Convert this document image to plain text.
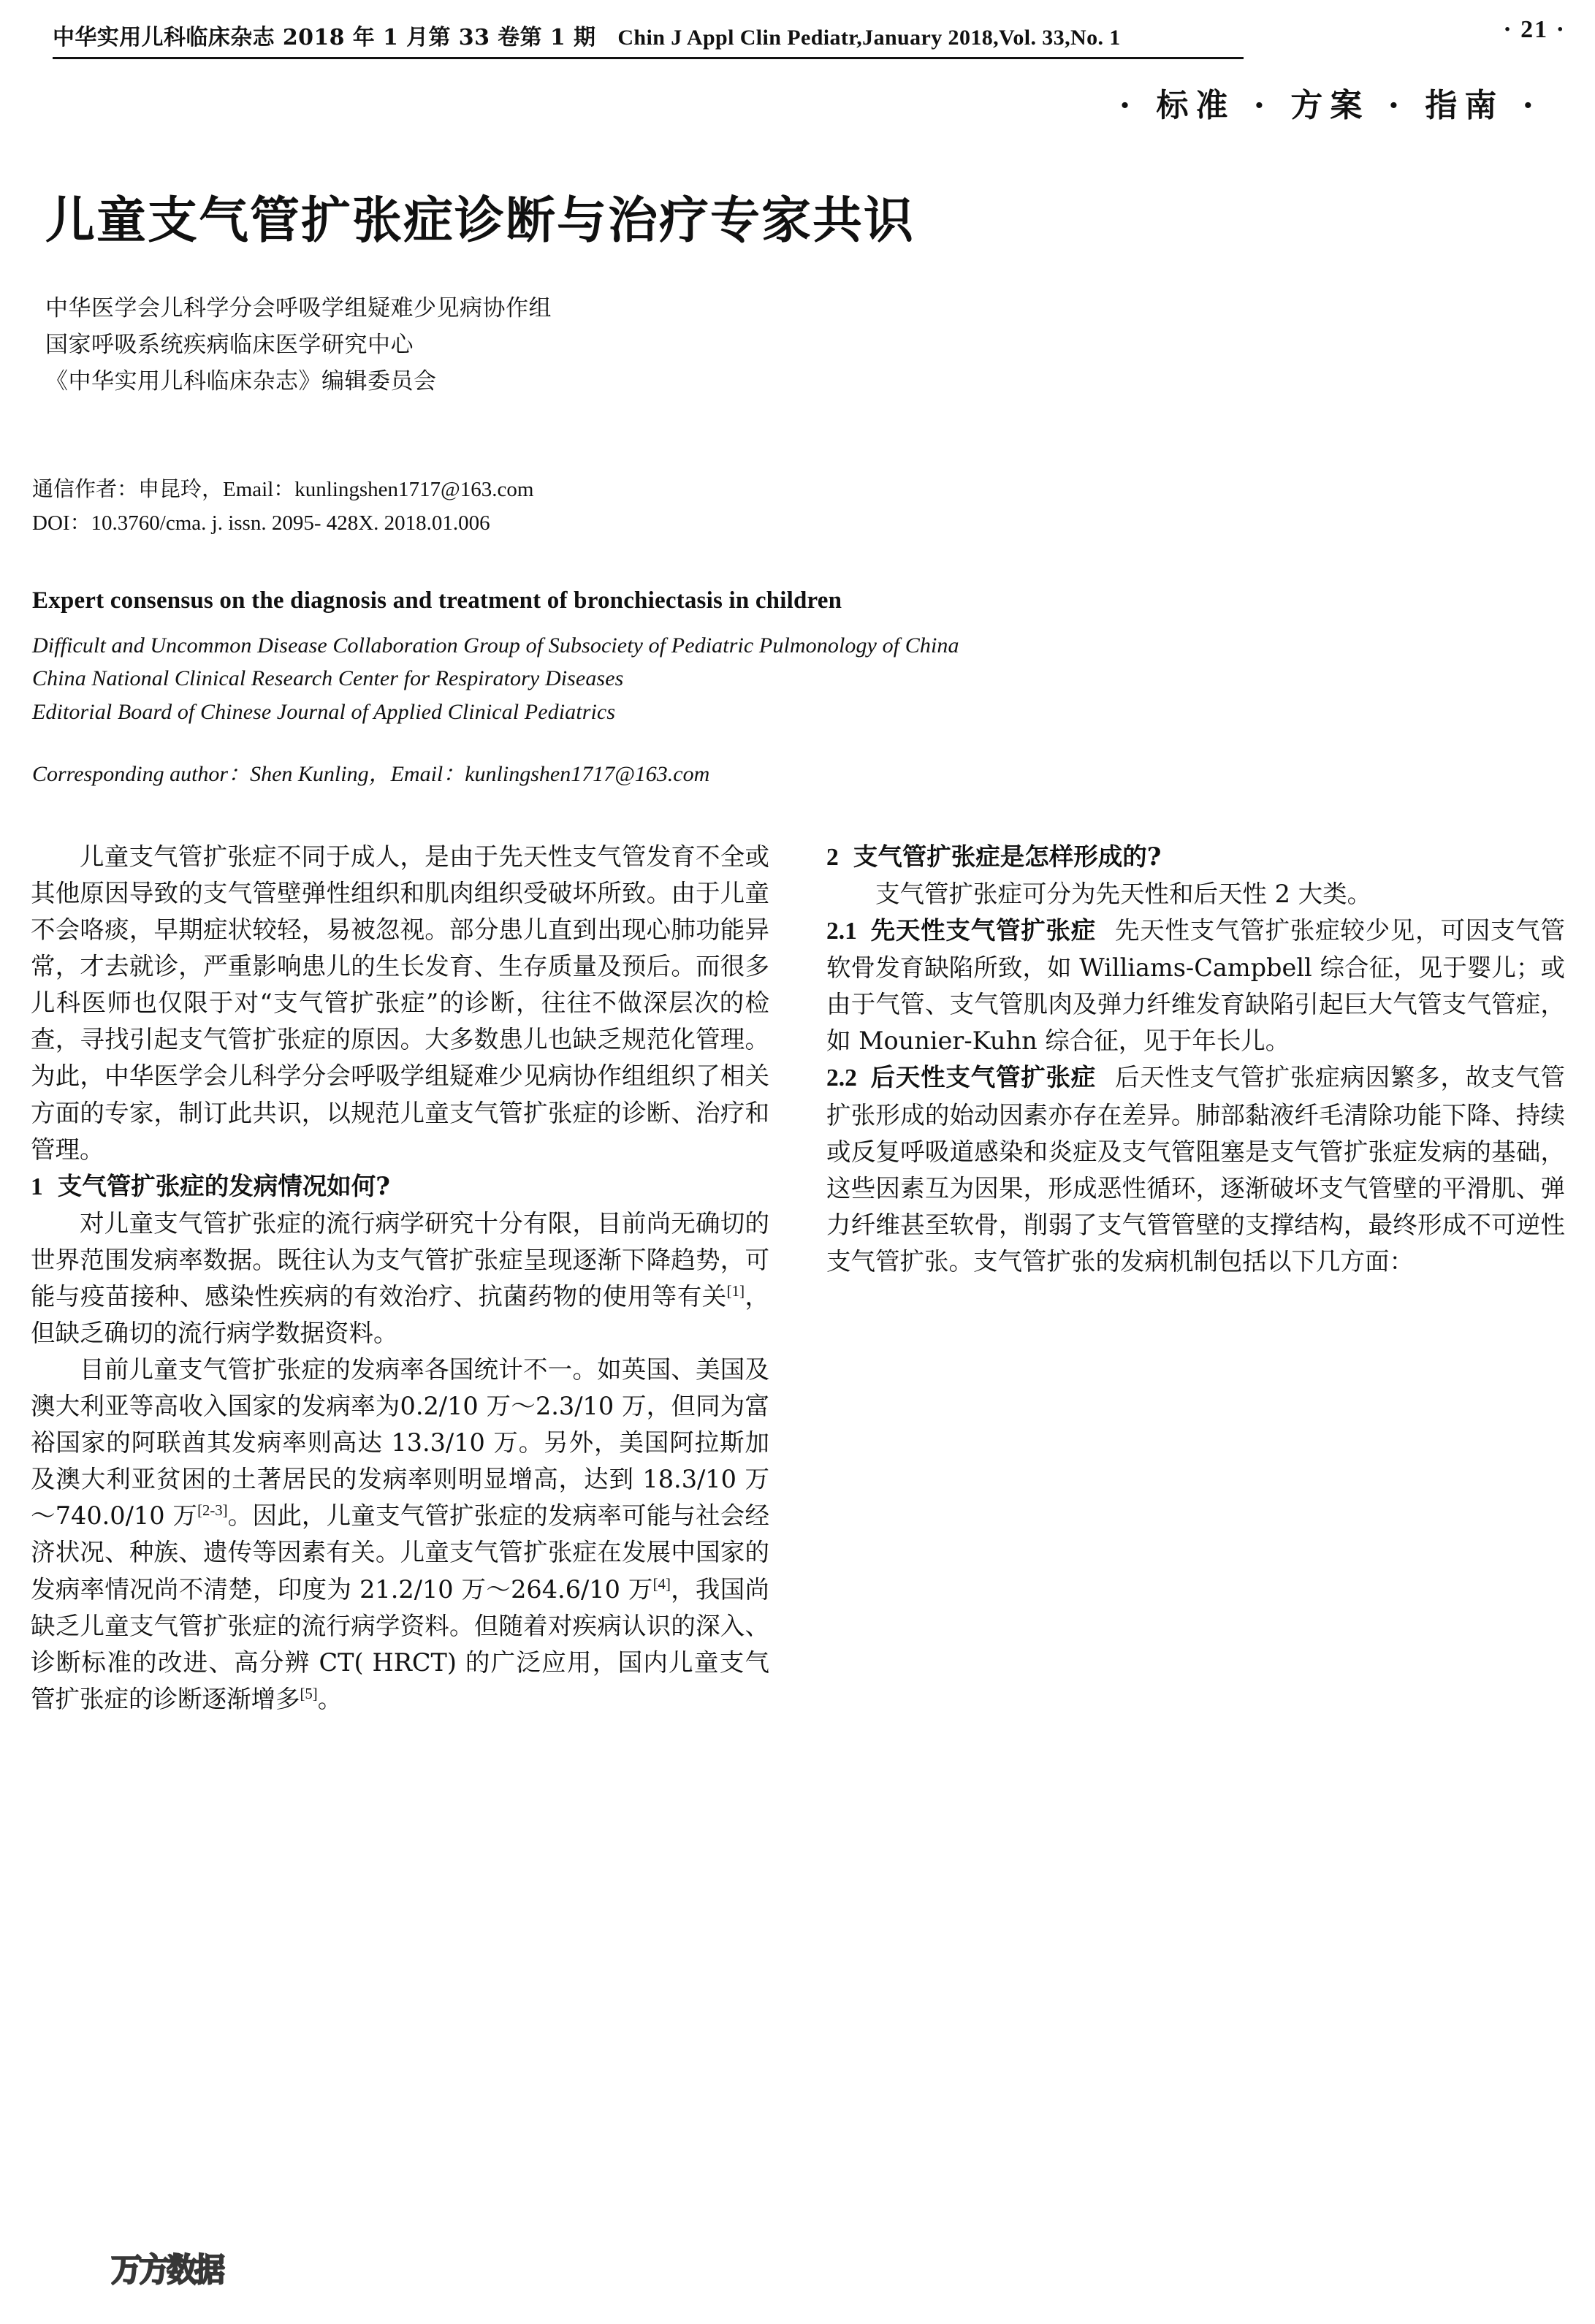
中华实用儿科临床杂志 2018 年 1 月第 33 卷第 1 期 Chin J Appl Clin Pediatr,January 2018,Vol. 33,No. 1	· 21 ·
· 标准 · 方案 · 指南 ·
儿童支气管扩张症诊断与治疗专家共识
中华医学会儿科学分会呼吸学组疑难少见病协作组
国家呼吸系统疾病临床医学研究中心
《中华实用儿科临床杂志》编辑委员会
通信作者：申昆玲，Email：kunlingshen1717@163.com
DOI：10.3760/cma. j. issn. 2095- 428X. 2018.01.006
Expert consensus on the diagnosis and treatment of bronchiectasis in children
Difficult and Uncommon Disease Collaboration Group of Subsociety of Pediatric Pulmonology of China
China National Clinical Research Center for Respiratory Diseases
Editorial Board of Chinese Journal of Applied Clinical Pediatrics
Corresponding author：Shen Kunling，Email：kunlingshen1717@163.com

儿童支气管扩张症不同于成人，是由于先天性支气管发育不全或其他原因导致的支气管壁弹性组织和肌肉组织受破坏所致。由于儿童不会咯痰，早期症状较轻，易被忽视。部分患儿直到出现心肺功能异常，才去就诊，严重影响患儿的生长发育、生存质量及预后。而很多儿科医师也仅限于对“支气管扩张症”的诊断，往往不做深层次的检查，寻找引起支气管扩张症的原因。大多数患儿也缺乏规范化管理。为此，中华医学会儿科学分会呼吸学组疑难少见病协作组组织了相关方面的专家，制订此共识，以规范儿童支气管扩张症的诊断、治疗和管理。

1 支气管扩张症的发病情况如何?

对儿童支气管扩张症的流行病学研究十分有限，目前尚无确切的世界范围发病率数据。既往认为支气管扩张症呈现逐渐下降趋势，可能与疫苗接种、感染性疾病的有效治疗、抗菌药物的使用等有关[1]，但缺乏确切的流行病学数据资料。

目前儿童支气管扩张症的发病率各国统计不一。如英国、美国及澳大利亚等高收入国家的发病率为0.2/10 万～2.3/10 万，但同为富裕国家的阿联酋其发病率则高达 13.3/10 万。另外，美国阿拉斯加及澳大利亚贫困的土著居民的发病率则明显增高，达到 18.3/10 万～740.0/10 万[2-3]。因此，儿童支气管扩张症的发病率可能与社会经济状况、种族、遗传等因素有关。儿童支气管扩张症在发展中国家的发病率情况尚不清楚，印度为 21.2/10 万～264.6/10 万[4]，我国尚缺乏儿童支气管扩张症的流行病学资料。但随着对疾病认识的深入、诊断标准的改进、高分辨 CT( HRCT) 的广泛应用，国内儿童支气管扩张症的诊断逐渐增多[5]。

2 支气管扩张症是怎样形成的?

支气管扩张症可分为先天性和后天性 2 大类。

2.1 先天性支气管扩张症 先天性支气管扩张症较少见，可因支气管软骨发育缺陷所致，如 Williams-Campbell 综合征，见于婴儿；或由于气管、支气管肌肉及弹力纤维发育缺陷引起巨大气管支气管症，如 Mounier-Kuhn 综合征，见于年长儿。

2.2 后天性支气管扩张症 后天性支气管扩张症病因繁多，故支气管扩张形成的始动因素亦存在差异。肺部黏液纤毛清除功能下降、持续或反复呼吸道感染和炎症及支气管阻塞是支气管扩张症发病的基础，这些因素互为因果，形成恶性循环，逐渐破坏支气管壁的平滑肌、弹力纤维甚至软骨，削弱了支气管管壁的支撑结构，最终形成不可逆性支气管扩张。支气管扩张的发病机制包括以下几方面：

万方数据
